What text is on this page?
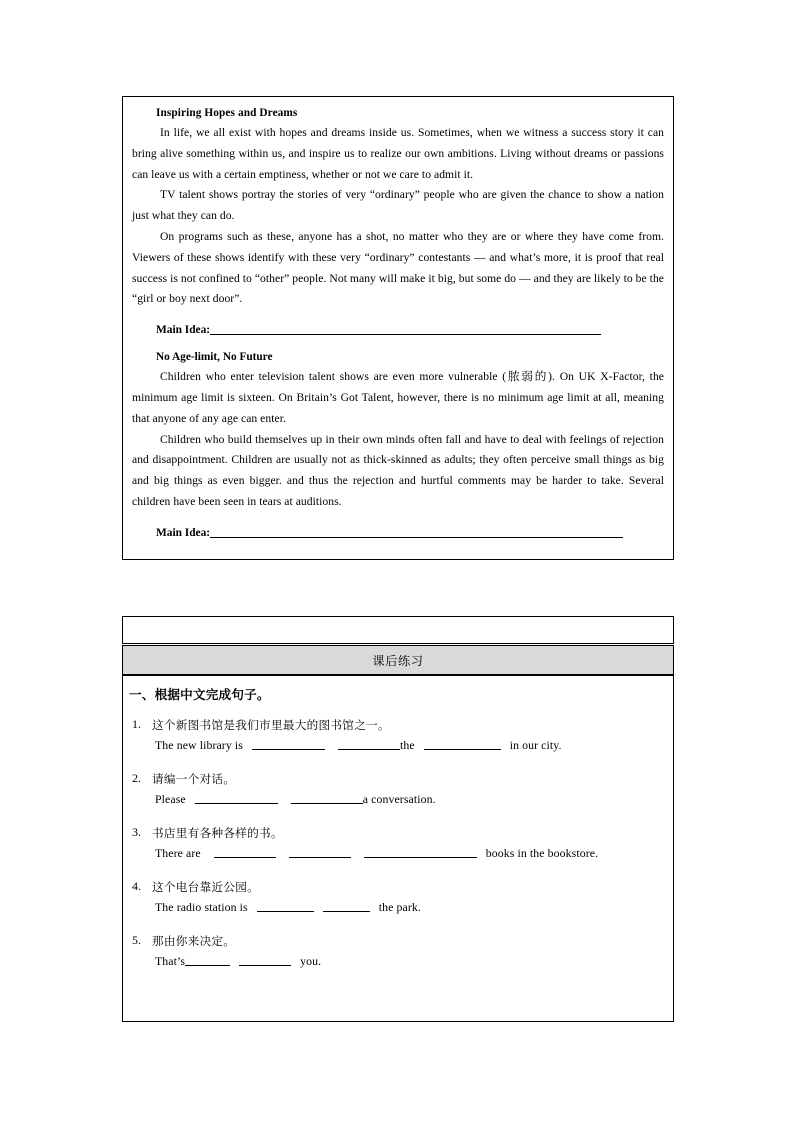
Inspiring Hopes and Dreams

In life, we all exist with hopes and dreams inside us. Sometimes, when we witness a success story it can bring alive something within us, and inspire us to realize our own ambitions. Living without dreams or passions can leave us with a certain emptiness, whether or not we care to admit it.

TV talent shows portray the stories of very “ordinary” people who are given the chance to show a nation just what they can do.

On programs such as these, anyone has a shot, no matter who they are or where they have come from. Viewers of these shows identify with these very “ordinary” contestants — and what’s more, it is proof that real success is not confined to “other” people. Not many will make it big, but some do — and they are likely to be the “girl or boy next door”.

Main Idea:
No Age-limit, No Future

Children who enter television talent shows are even more vulnerable (脓弱的). On UK X-Factor, the minimum age limit is sixteen. On Britain’s Got Talent, however, there is no minimum age limit at all, meaning that anyone of any age can enter.

Children who build themselves up in their own minds often fall and have to deal with feelings of rejection and disappointment. Children are usually not as thick-skinned as adults; they often perceive small things as big and big things as even bigger. and thus the rejection and hurtful comments may be harder to take. Several children have been seen in tears at auditions.

Main Idea:
课后练习
一、根据中文完成句子。
1. 这个新图书馆是我们市里最大的图书馆之一。
The new library is	the	in our city.
2. 请编一个对话。
Please	a conversation.
3. 书店里有各种各样的书。
There are	books in the bookstore.
4. 这个电台靠近公园。
The radio station is	the park.
5. 那由你来决定。
That’s	you.
